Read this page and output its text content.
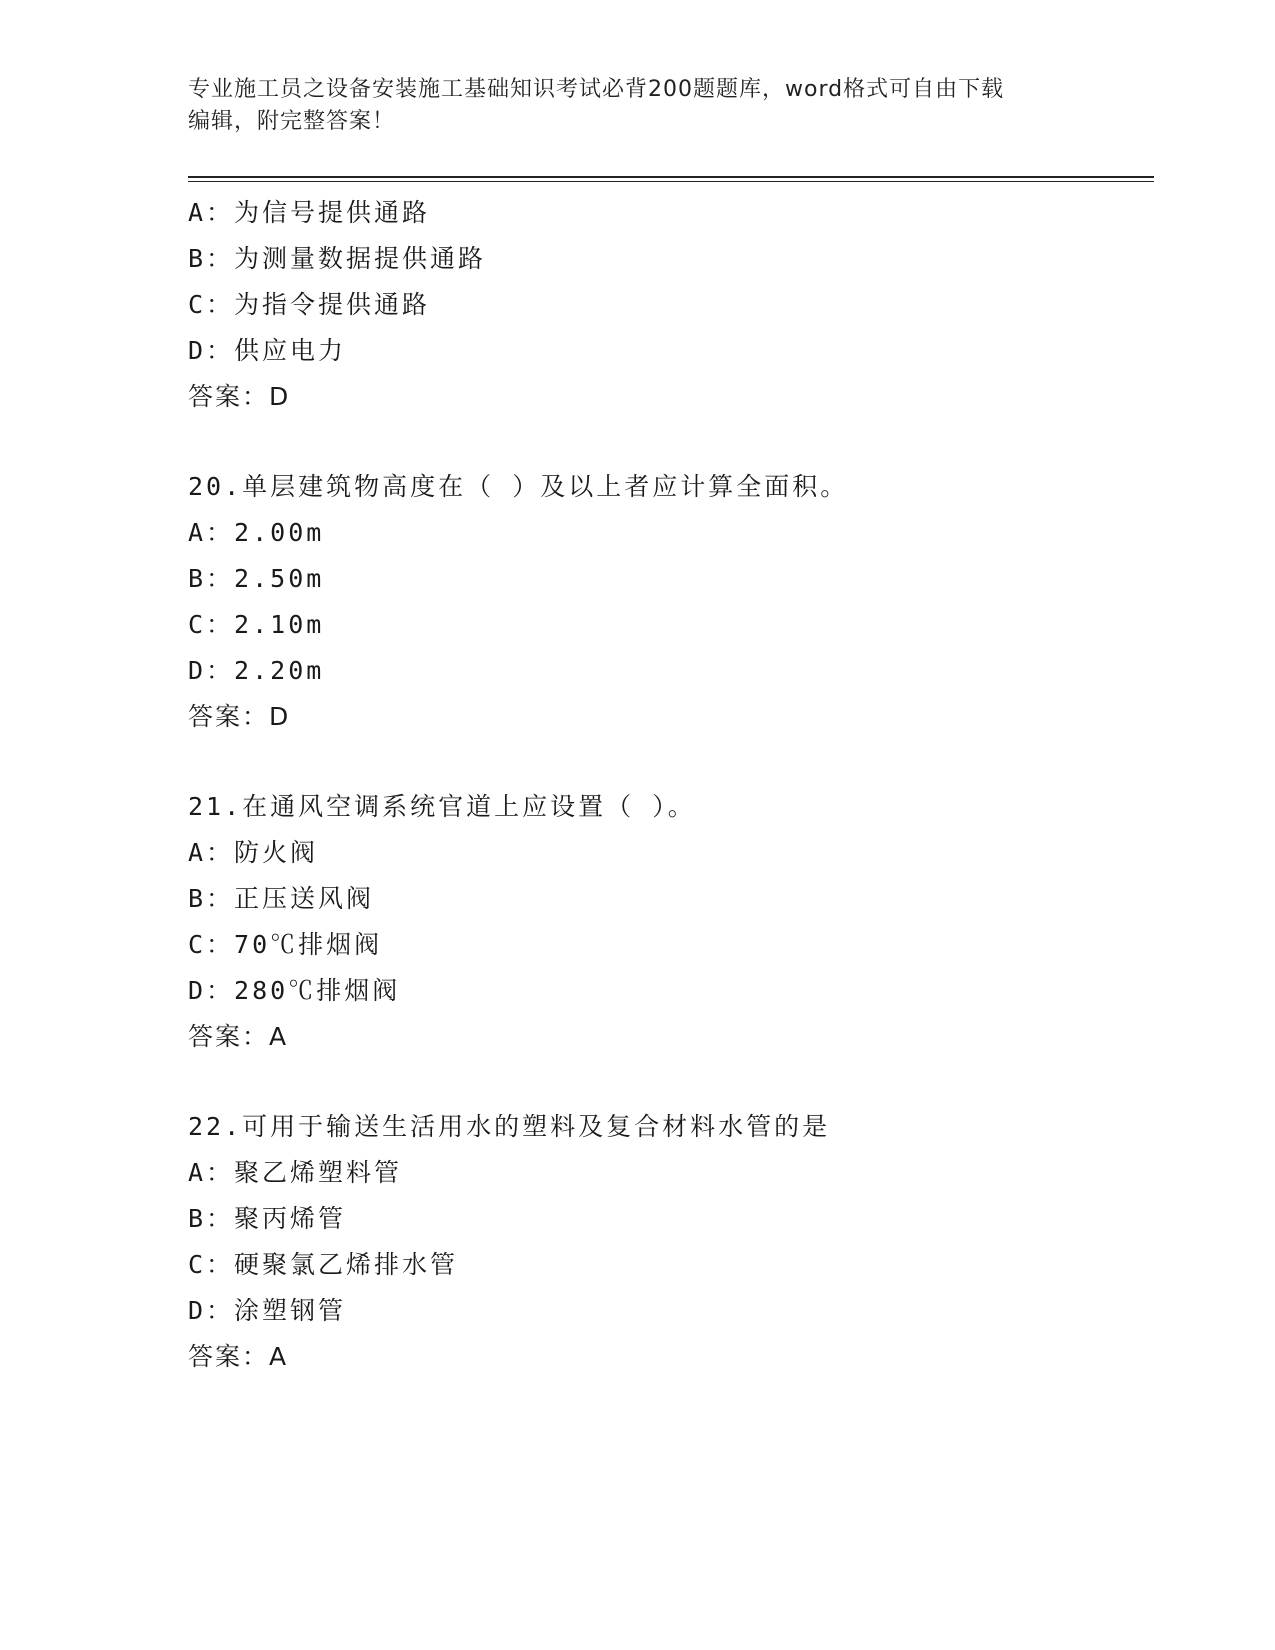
专业施工员之设备安装施工基础知识考试必背200题题库，word格式可自由下载
编辑，附完整答案！
A：为信号提供通路
B：为测量数据提供通路
C：为指令提供通路
D：供应电力
答案：D
20.单层建筑物高度在（ ）及以上者应计算全面积。
A：2.00m
B：2.50m
C：2.10m
D：2.20m
答案：D
21.在通风空调系统官道上应设置（ ）。
A：防火阀
B：正压送风阀
C：70℃排烟阀
D：280℃排烟阀
答案：A
22.可用于输送生活用水的塑料及复合材料水管的是
A：聚乙烯塑料管
B：聚丙烯管
C：硬聚氯乙烯排水管
D：涂塑钢管
答案：A
